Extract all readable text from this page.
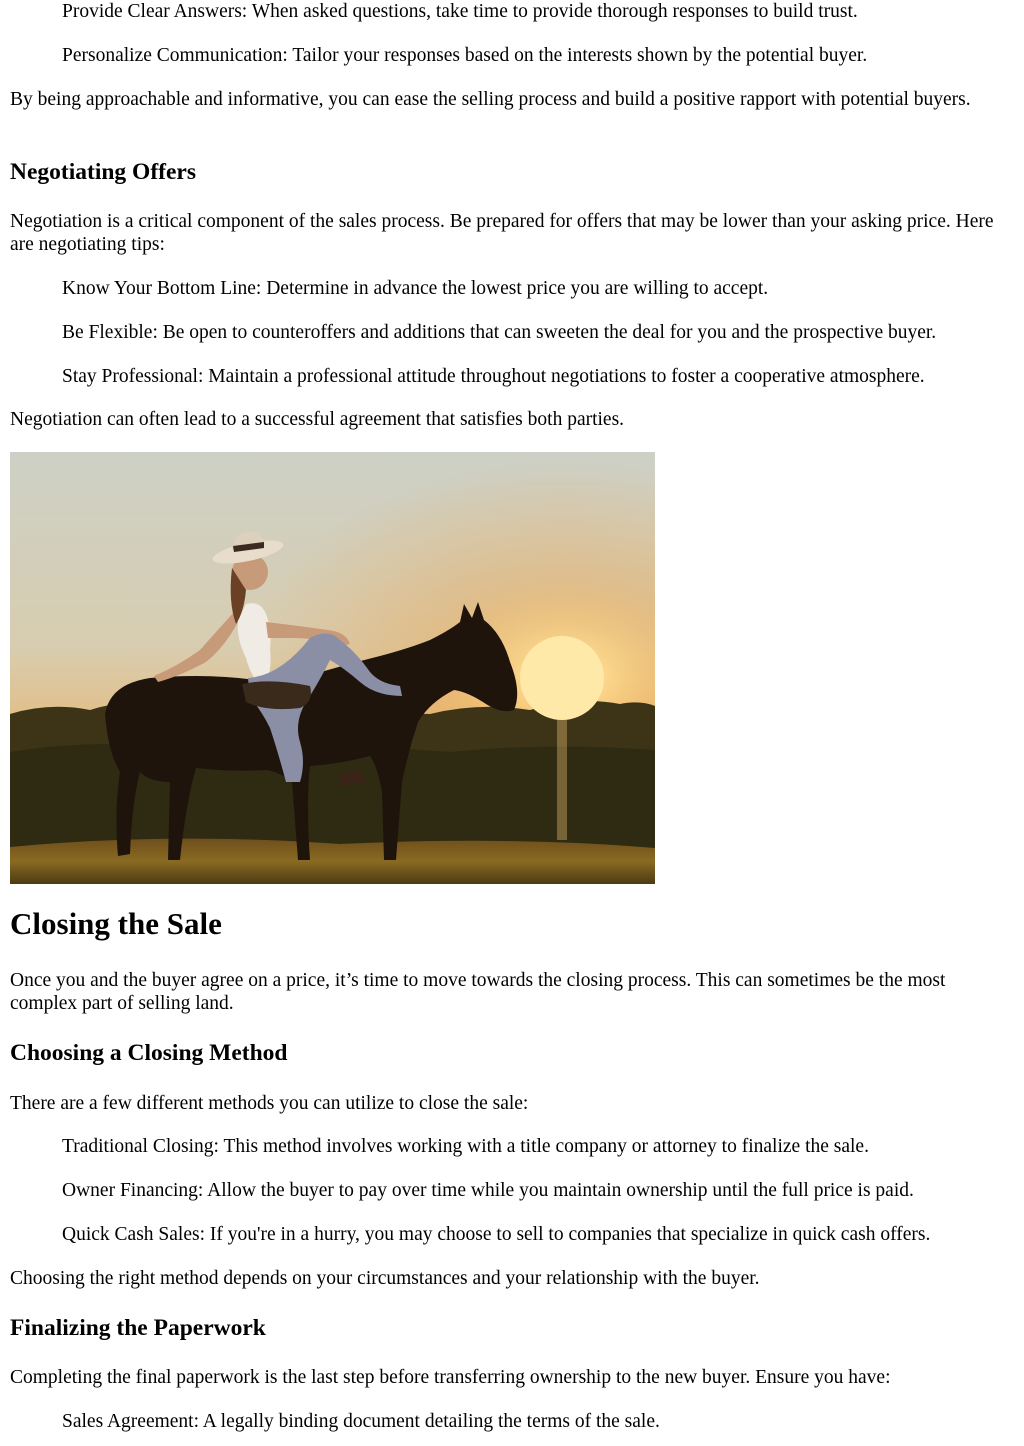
Provide Clear Answers: When asked questions, take time to provide thorough responses to build trust.

Personalize Communication: Tailor your responses based on the interests shown by the potential buyer.

By being approachable and informative, you can ease the selling process and build a positive rapport with potential buyers.

Negotiating Offers

Negotiation is a critical component of the sales process. Be prepared for offers that may be lower than your asking price. Here are negotiating tips:

Know Your Bottom Line: Determine in advance the lowest price you are willing to accept.

Be Flexible: Be open to counteroffers and additions that can sweeten the deal for you and the prospective buyer.

Stay Professional: Maintain a professional attitude throughout negotiations to foster a cooperative atmosphere.

Negotiation can often lead to a successful agreement that satisfies both parties.

Closing the Sale

Once you and the buyer agree on a price, it’s time to move towards the closing process. This can sometimes be the most complex part of selling land.

Choosing a Closing Method

There are a few different methods you can utilize to close the sale:

Traditional Closing: This method involves working with a title company or attorney to finalize the sale.

Owner Financing: Allow the buyer to pay over time while you maintain ownership until the full price is paid.

Quick Cash Sales: If you're in a hurry, you may choose to sell to companies that specialize in quick cash offers.

Choosing the right method depends on your circumstances and your relationship with the buyer.

Finalizing the Paperwork

Completing the final paperwork is the last step before transferring ownership to the new buyer. Ensure you have:

Sales Agreement: A legally binding document detailing the terms of the sale.
